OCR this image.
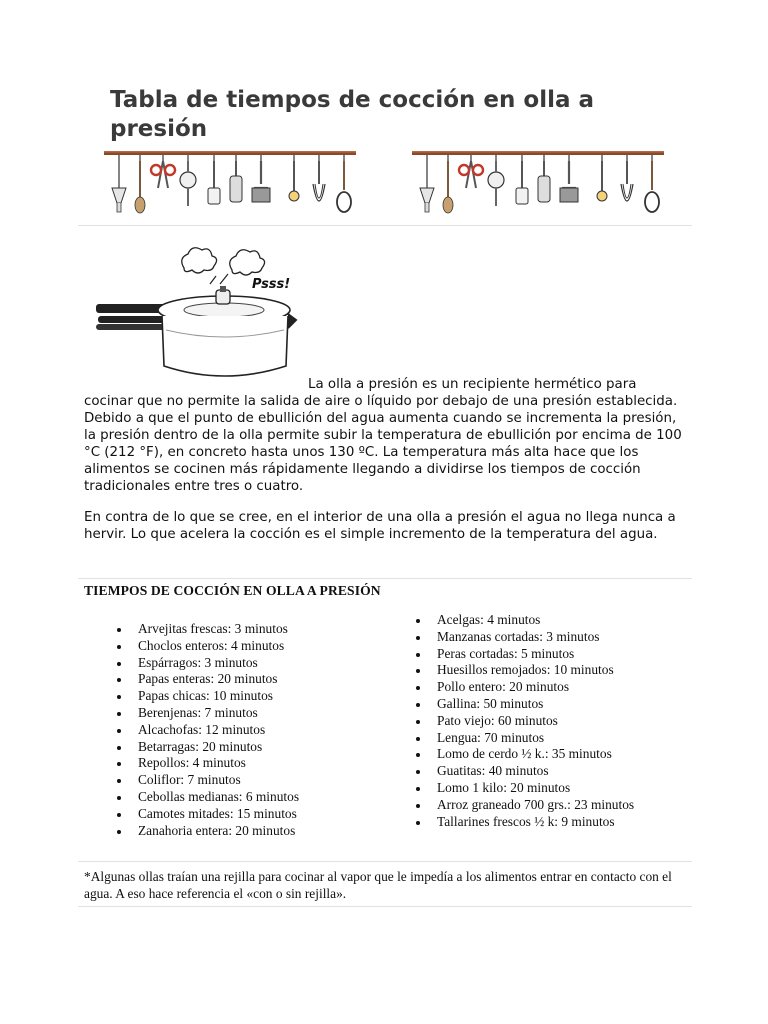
Tabla de tiempos de cocción en olla a presión
Psss!

La olla a presión es un recipiente hermético para cocinar que no permite la salida de aire o líquido por debajo de una presión establecida. Debido a que el punto de ebullición del agua aumenta cuando se incrementa la presión, la presión dentro de la olla permite subir la temperatura de ebullición por encima de 100 °C (212 °F), en concreto hasta unos 130 ºC. La temperatura más alta hace que los alimentos se cocinen más rápidamente llegando a dividirse los tiempos de cocción tradicionales entre tres o cuatro.

En contra de lo que se cree, en el interior de una olla a presión el agua no llega nunca a hervir. Lo que acelera la cocción es el simple incremento de la temperatura del agua.

TIEMPOS DE COCCIÓN EN OLLA A PRESIÓN
Arvejitas frescas: 3 minutos
Choclos enteros: 4 minutos
Espárragos: 3 minutos
Papas enteras: 20 minutos
Papas chicas: 10 minutos
Berenjenas: 7 minutos
Alcachofas: 12 minutos
Betarragas: 20 minutos
Repollos: 4 minutos
Coliflor: 7 minutos
Cebollas medianas: 6 minutos
Camotes mitades: 15 minutos
Zanahoria entera: 20 minutos
Acelgas: 4 minutos
Manzanas cortadas: 3 minutos
Peras cortadas: 5 minutos
Huesillos remojados: 10 minutos
Pollo entero: 20 minutos
Gallina: 50 minutos
Pato viejo: 60 minutos
Lengua: 70 minutos
Lomo de cerdo ½ k.: 35 minutos
Guatitas: 40 minutos
Lomo 1 kilo: 20 minutos
Arroz graneado 700 grs.: 23 minutos
Tallarines frescos ½ k: 9 minutos

*Algunas ollas traían una rejilla para cocinar al vapor que le impedía a los alimentos entrar en contacto con el agua. A eso hace referencia el «con o sin rejilla».
